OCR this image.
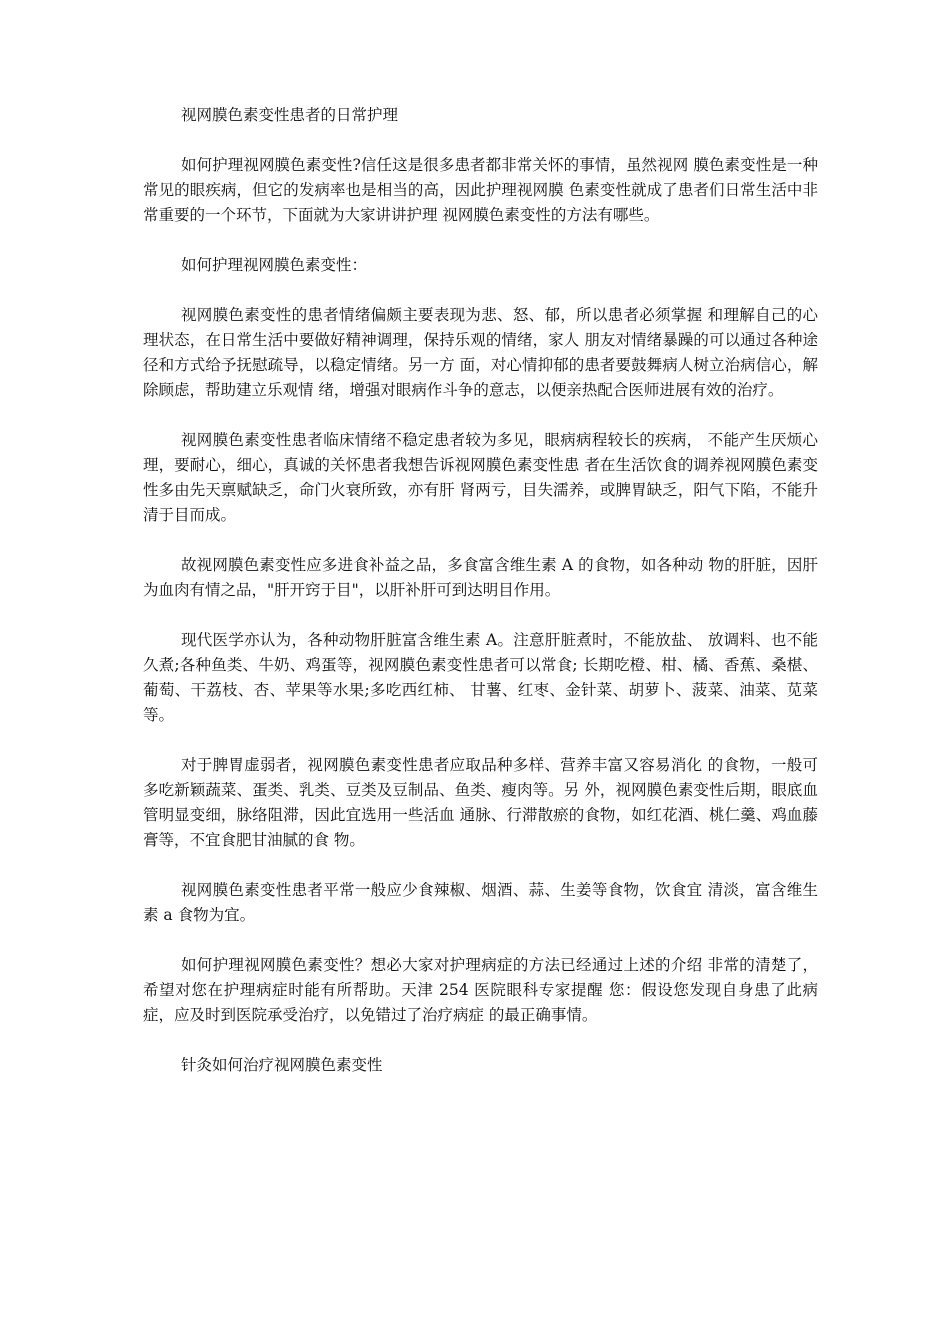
视网膜色素变性患者的日常护理

如何护理视网膜色素变性?信任这是很多患者都非常关怀的事情，虽然视网 膜色素变性是一种常见的眼疾病，但它的发病率也是相当的高，因此护理视网膜 色素变性就成了患者们日常生活中非常重要的一个环节，下面就为大家讲讲护理 视网膜色素变性的方法有哪些。

如何护理视网膜色素变性：

视网膜色素变性的患者情绪偏颇主要表现为悲、怒、郁，所以患者必须掌握 和理解自己的心理状态，在日常生活中要做好精神调理，保持乐观的情绪，家人 朋友对情绪暴躁的可以通过各种途径和方式给予抚慰疏导，以稳定情绪。另一方 面，对心情抑郁的患者要鼓舞病人树立治病信心，解除顾虑，帮助建立乐观情 绪，增强对眼病作斗争的意志，以便亲热配合医师进展有效的治疗。

视网膜色素变性患者临床情绪不稳定患者较为多见，眼病病程较长的疾病， 不能产生厌烦心理，要耐心，细心，真诚的关怀患者我想告诉视网膜色素变性患 者在生活饮食的调养视网膜色素变性多由先天禀赋缺乏，命门火衰所致，亦有肝 肾两亏，目失濡养，或脾胃缺乏，阳气下陷，不能升清于目而成。

故视网膜色素变性应多进食补益之品，多食富含维生素 A 的食物，如各种动 物的肝脏，因肝为血肉有情之品，"肝开窍于目"，以肝补肝可到达明目作用。

现代医学亦认为，各种动物肝脏富含维生素 A。注意肝脏煮时，不能放盐、 放调料、也不能久煮;各种鱼类、牛奶、鸡蛋等，视网膜色素变性患者可以常食; 长期吃橙、柑、橘、香蕉、桑椹、葡萄、干荔枝、杏、苹果等水果;多吃西红柿、 甘薯、红枣、金针菜、胡萝卜、菠菜、油菜、苋菜等。

对于脾胃虚弱者，视网膜色素变性患者应取品种多样、营养丰富又容易消化 的食物，一般可多吃新颖蔬菜、蛋类、乳类、豆类及豆制品、鱼类、瘦肉等。另 外，视网膜色素变性后期，眼底血管明显变细，脉络阻滞，因此宜选用一些活血 通脉、行滞散瘀的食物，如红花酒、桃仁羹、鸡血藤膏等，不宜食肥甘油腻的食 物。

视网膜色素变性患者平常一般应少食辣椒、烟酒、蒜、生姜等食物，饮食宜 清淡，富含维生素 a 食物为宜。

如何护理视网膜色素变性？想必大家对护理病症的方法已经通过上述的介绍 非常的清楚了，希望对您在护理病症时能有所帮助。天津 254 医院眼科专家提醒 您：假设您发现自身患了此病症，应及时到医院承受治疗，以免错过了治疗病症 的最正确事情。

针灸如何治疗视网膜色素变性
